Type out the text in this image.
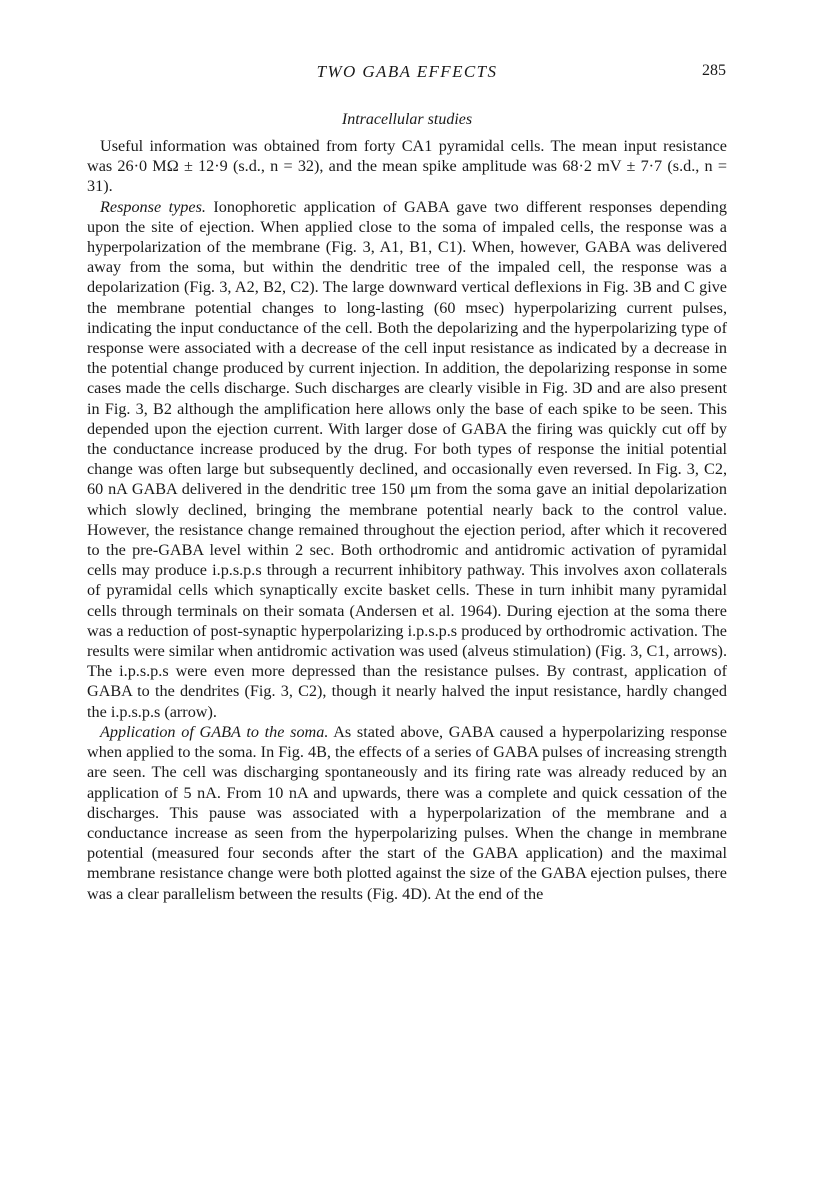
TWO GABA EFFECTS	285
Intracellular studies

Useful information was obtained from forty CA1 pyramidal cells. The mean input resistance was 26·0 MΩ ± 12·9 (s.d., n = 32), and the mean spike amplitude was 68·2 mV ± 7·7 (s.d., n = 31).

Response types. Ionophoretic application of GABA gave two different responses depending upon the site of ejection. When applied close to the soma of impaled cells, the response was a hyperpolarization of the membrane (Fig. 3, A1, B1, C1). When, however, GABA was delivered away from the soma, but within the dendritic tree of the impaled cell, the response was a depolarization (Fig. 3, A2, B2, C2). The large downward vertical deflexions in Fig. 3B and C give the membrane potential changes to long-lasting (60 msec) hyperpolarizing current pulses, indicating the input conductance of the cell. Both the depolarizing and the hyperpolarizing type of response were associated with a decrease of the cell input resistance as indicated by a decrease in the potential change produced by current injection. In addition, the depolarizing response in some cases made the cells discharge. Such discharges are clearly visible in Fig. 3D and are also present in Fig. 3, B2 although the amplification here allows only the base of each spike to be seen. This depended upon the ejection current. With larger dose of GABA the firing was quickly cut off by the conductance increase produced by the drug. For both types of response the initial potential change was often large but subsequently declined, and occasionally even reversed. In Fig. 3, C2, 60 nA GABA delivered in the dendritic tree 150 μm from the soma gave an initial depolarization which slowly declined, bringing the membrane potential nearly back to the control value. However, the resistance change remained throughout the ejection period, after which it recovered to the pre-GABA level within 2 sec. Both orthodromic and antidromic activation of pyramidal cells may produce i.p.s.p.s through a recurrent inhibitory pathway. This involves axon collaterals of pyramidal cells which synaptically excite basket cells. These in turn inhibit many pyramidal cells through terminals on their somata (Andersen et al. 1964). During ejection at the soma there was a reduction of post-synaptic hyperpolarizing i.p.s.p.s produced by orthodromic activation. The results were similar when antidromic activation was used (alveus stimulation) (Fig. 3, C1, arrows). The i.p.s.p.s were even more depressed than the resistance pulses. By contrast, application of GABA to the dendrites (Fig. 3, C2), though it nearly halved the input resistance, hardly changed the i.p.s.p.s (arrow).

Application of GABA to the soma. As stated above, GABA caused a hyperpolarizing response when applied to the soma. In Fig. 4B, the effects of a series of GABA pulses of increasing strength are seen. The cell was discharging spontaneously and its firing rate was already reduced by an application of 5 nA. From 10 nA and upwards, there was a complete and quick cessation of the discharges. This pause was associated with a hyperpolarization of the membrane and a conductance increase as seen from the hyperpolarizing pulses. When the change in membrane potential (measured four seconds after the start of the GABA application) and the maximal membrane resistance change were both plotted against the size of the GABA ejection pulses, there was a clear parallelism between the results (Fig. 4D). At the end of the
